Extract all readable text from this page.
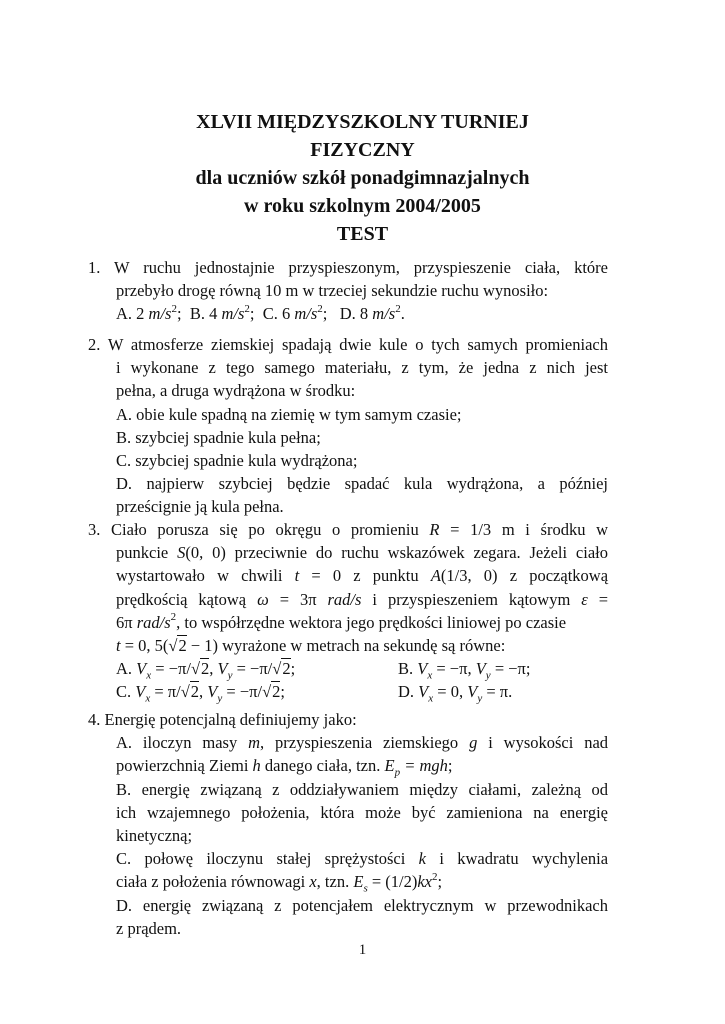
XLVII MIĘDZYSZKOLNY TURNIEJ
FIZYCZNY
dla uczniów szkół ponadgimnazjalnych
w roku szkolnym 2004/2005
TEST
1. W ruchu jednostajnie przyspieszonym, przyspieszenie ciała, które
przebyło drogę równą 10 m w trzeciej sekundzie ruchu wynosiło:
A. 2 $m/s^2$; B. 4 $m/s^2$; C. 6 $m/s^2$; D. 8 $m/s^2$.
2. W atmosferze ziemskiej spadają dwie kule o tych samych promieniach
i wykonane z tego samego materiału, z tym, że jedna z nich jest
pełna, a druga wydrążona w środku:
A. obie kule spadną na ziemię w tym samym czasie;
B. szybciej spadnie kula pełna;
C. szybciej spadnie kula wydrążona;
D. najpierw szybciej będzie spadać kula wydrążona, a później
prześcignie ją kula pełna.
3. Ciało porusza się po okręgu o promieniu R = 1/3 m i środku w
punkcie S(0, 0) przeciwnie do ruchu wskazówek zegara. Jeżeli ciało
wystartowało w chwili t = 0 z punktu A(1/3, 0) z początkową
prędkością kątową ω = 3π rad/s i przyspieszeniem kątowym ε =
6π rad/$s^2$, to współrzędne wektora jego prędkości liniowej po czasie
t = 0, 5(√2 − 1) wyrażone w metrach na sekundę są równe:
A. $V_x = -\pi/√2$, $V_y = -\pi/√2$;	B. $V_x = -\pi$, $V_y = -\pi$;
C. $V_x = \pi/√2$, $V_y = -\pi/√2$;	D. $V_x = 0$, $V_y = \pi$.
4. Energię potencjalną definiujemy jako:
A. iloczyn masy m, przyspieszenia ziemskiego g i wysokości nad
powierzchnią Ziemi h danego ciała, tzn. $E_p$ = mgh;
B. energię związaną z oddziaływaniem między ciałami, zależną od
ich wzajemnego położenia, która może być zamieniona na energię
kinetyczną;
C. połowę iloczynu stałej sprężystości k i kwadratu wychylenia
ciała z położenia równowagi x, tzn. $E_s = (1/2)kx^2$;
D. energię związaną z potencjałem elektrycznym w przewodnikach
z prądem.
1
